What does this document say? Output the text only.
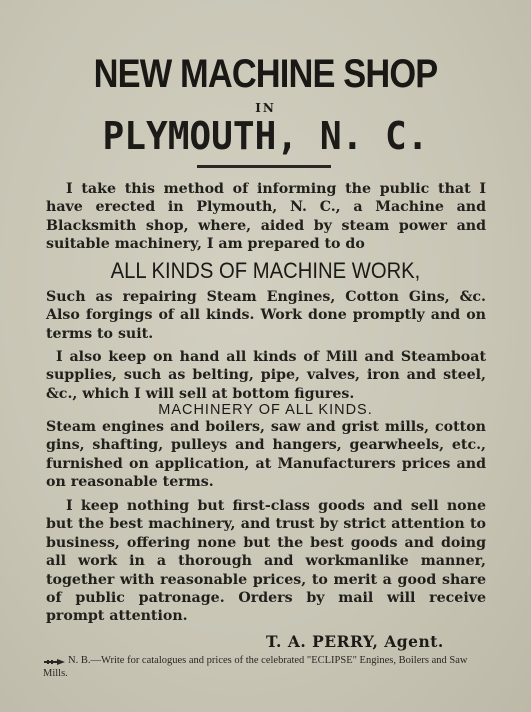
NEW MACHINE SHOP
IN
PLYMOUTH, N. C.
I take this method of informing the public that I have erected in Plymouth, N. C., a Machine and Blacksmith shop, where, aided by steam power and suitable machinery, I am prepared to do
ALL KINDS OF MACHINE WORK,
Such as repairing Steam Engines, Cotton Gins, &c. Also forgings of all kinds. Work done promptly and on terms to suit.
I also keep on hand all kinds of Mill and Steamboat supplies, such as belting, pipe, valves, iron and steel, &c., which I will sell at bottom figures.
MACHINERY OF ALL KINDS.
Steam engines and boilers, saw and grist mills, cotton gins, shafting, pulleys and hangers, gearwheels, etc., furnished on application, at Manufacturers prices and on reasonable terms.
I keep nothing but first-class goods and sell none but the best machinery, and trust by strict attention to business, offering none but the best goods and doing all work in a thorough and workmanlike manner, together with reasonable prices, to merit a good share of public patronage. Orders by mail will receive prompt attention.
T. A. PERRY, Agent.
N. B.—Write for catalogues and prices of the celebrated "ECLIPSE" Engines, Boilers and Saw Mills.
